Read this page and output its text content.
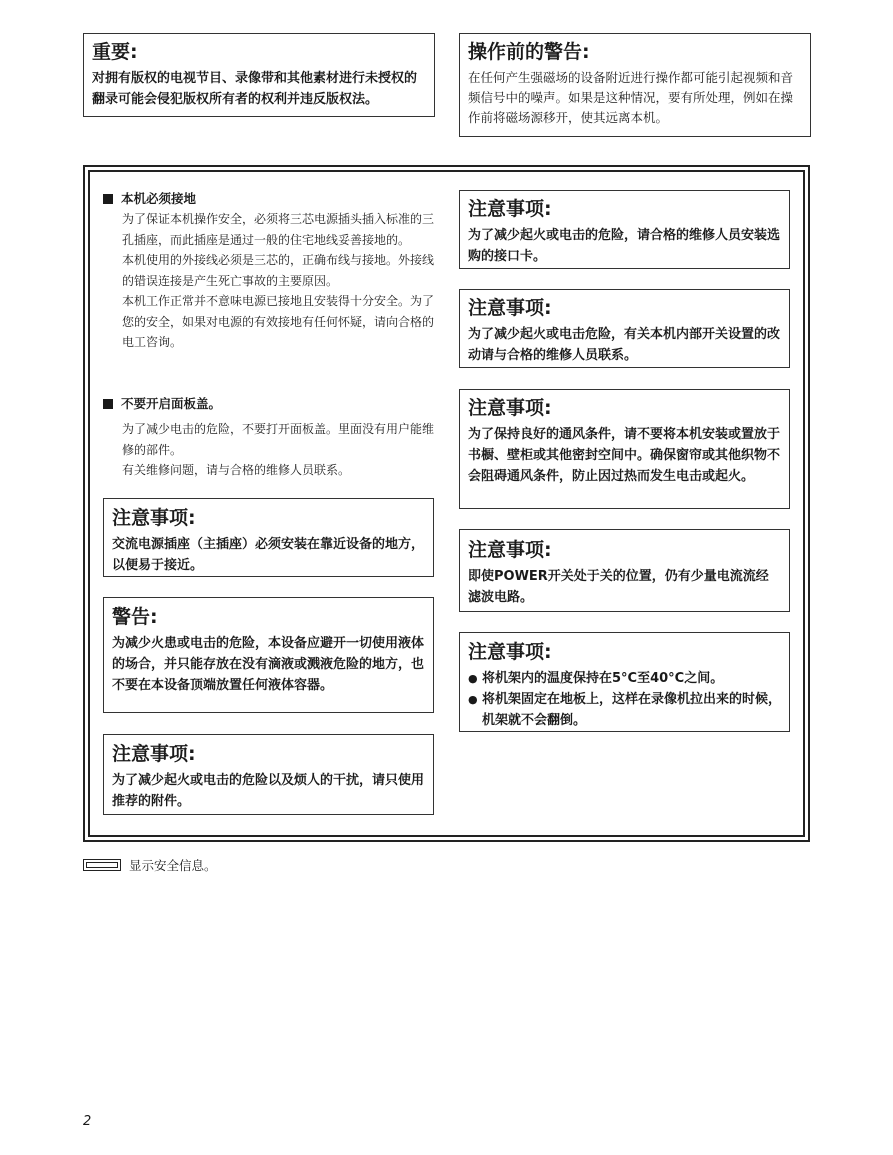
重要:
对拥有版权的电视节目、录像带和其他素材进行未授权的翻录可能会侵犯版权所有者的权利并违反版权法。
操作前的警告:
在任何产生强磁场的设备附近进行操作都可能引起视频和音频信号中的噪声。如果是这种情况，要有所处理，例如在操作前将磁场源移开，使其远离本机。
本机必须接地

为了保证本机操作安全，必须将三芯电源插头插入标准的三孔插座，而此插座是通过一般的住宅地线妥善接地的。

本机使用的外接线必须是三芯的，正确布线与接地。外接线的错误连接是产生死亡事故的主要原因。

本机工作正常并不意味电源已接地且安装得十分安全。为了您的安全，如果对电源的有效接地有任何怀疑，请向合格的电工咨询。

不要开启面板盖。

为了减少电击的危险，不要打开面板盖。里面没有用户能维修的部件。

有关维修问题，请与合格的维修人员联系。

注意事项:
交流电源插座（主插座）必须安装在靠近设备的地方，以便易于接近。
警告:
为减少火患或电击的危险，本设备应避开一切使用液体的场合，并只能存放在没有滴液或溅液危险的地方，也不要在本设备顶端放置任何液体容器。
注意事项:
为了减少起火或电击的危险以及烦人的干扰，请只使用推荐的附件。
注意事项:
为了减少起火或电击的危险，请合格的维修人员安装选购的接口卡。
注意事项:
为了减少起火或电击危险，有关本机内部开关设置的改动请与合格的维修人员联系。
注意事项:
为了保持良好的通风条件，请不要将本机安装或置放于书橱、壁柜或其他密封空间中。确保窗帘或其他织物不会阻碍通风条件，防止因过热而发生电击或起火。
注意事项:
即使POWER开关处于关的位置，仍有少量电流流经滤波电路。
注意事项:
● 将机架内的温度保持在5°C至40°C之间。
● 将机架固定在地板上，这样在录像机拉出来的时候，机架就不会翻倒。
显示安全信息。
2
